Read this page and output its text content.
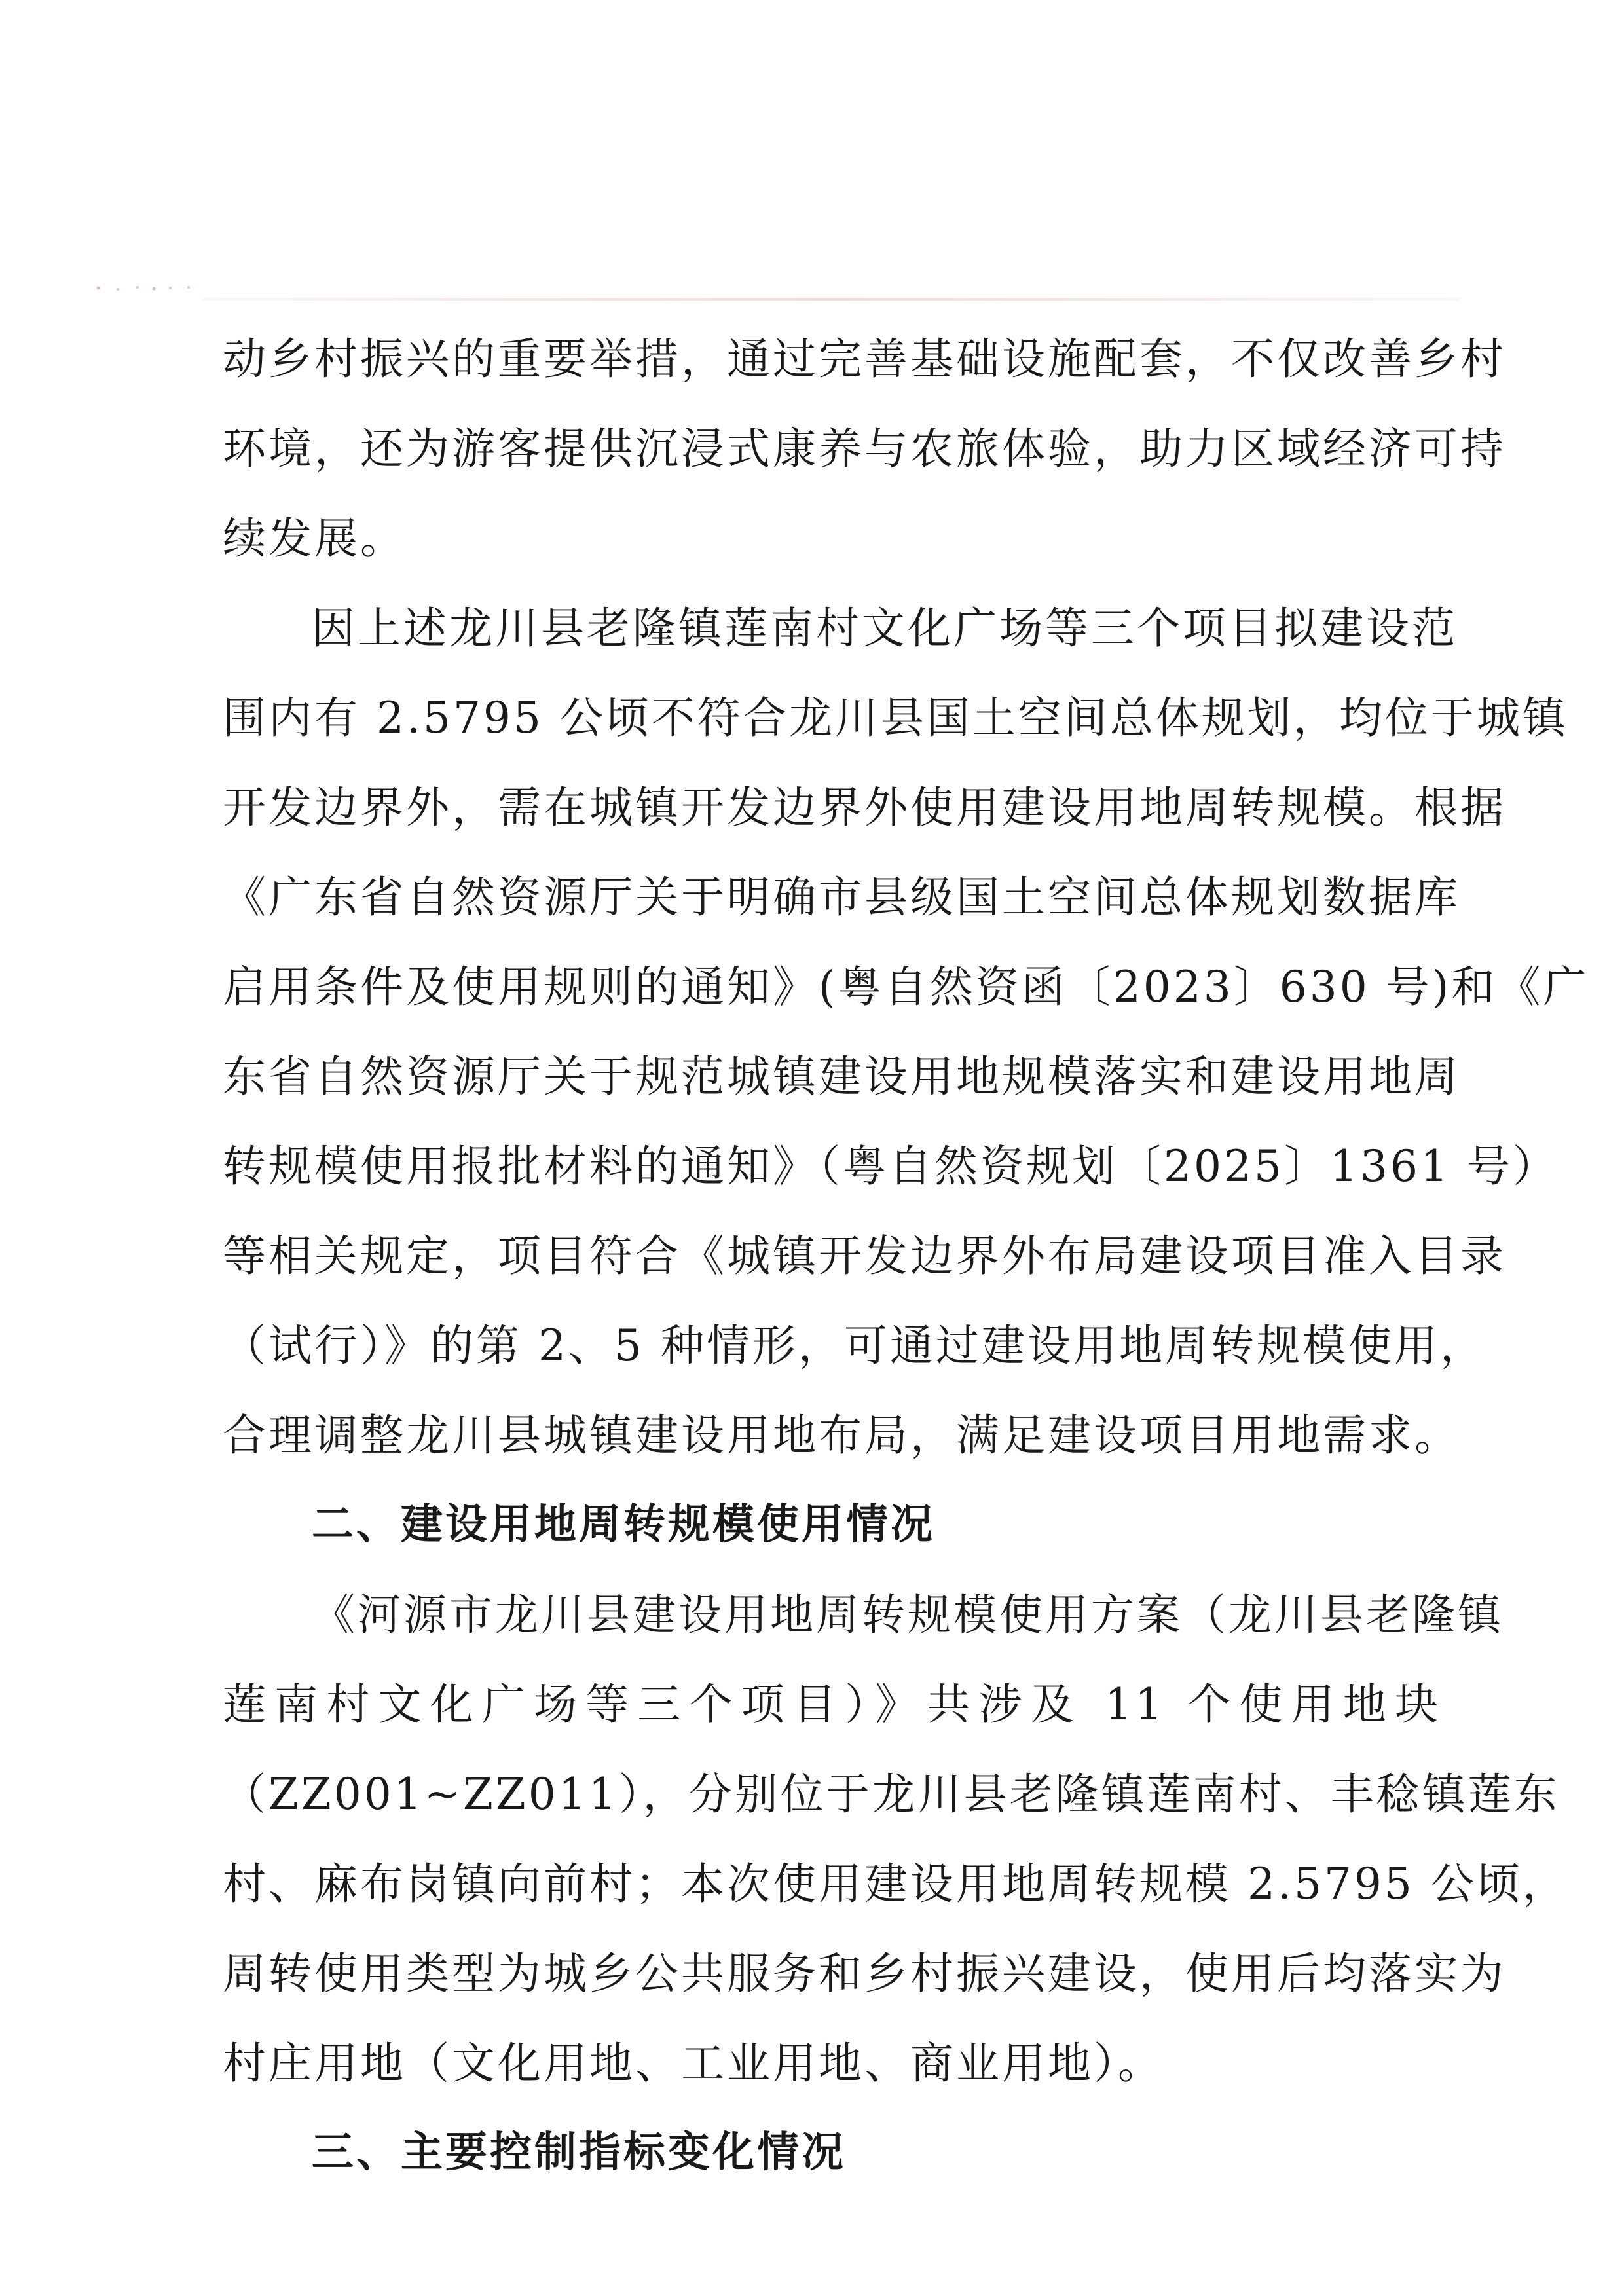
动乡村振兴的重要举措，通过完善基础设施配套，不仅改善乡村
环境，还为游客提供沉浸式康养与农旅体验，助力区域经济可持
续发展。
因上述龙川县老隆镇莲南村文化广场等三个项目拟建设范
围内有 2.5795 公顷不符合龙川县国土空间总体规划，均位于城镇
开发边界外，需在城镇开发边界外使用建设用地周转规模。根据
《广东省自然资源厅关于明确市县级国土空间总体规划数据库
启用条件及使用规则的通知》(粤自然资函〔2023〕630 号)和《广
东省自然资源厅关于规范城镇建设用地规模落实和建设用地周
转规模使用报批材料的通知》（粤自然资规划〔2025〕1361 号）
等相关规定，项目符合《城镇开发边界外布局建设项目准入目录
（试行）》的第 2、5 种情形，可通过建设用地周转规模使用，
合理调整龙川县城镇建设用地布局，满足建设项目用地需求。
二、建设用地周转规模使用情况
《河源市龙川县建设用地周转规模使用方案（龙川县老隆镇
莲南村文化广场等三个项目）》共涉及 11 个使用地块
（ZZ001~ZZ011），分别位于龙川县老隆镇莲南村、丰稔镇莲东
村、麻布岗镇向前村；本次使用建设用地周转规模 2.5795 公顷，
周转使用类型为城乡公共服务和乡村振兴建设，使用后均落实为
村庄用地（文化用地、工业用地、商业用地）。
三、主要控制指标变化情况
